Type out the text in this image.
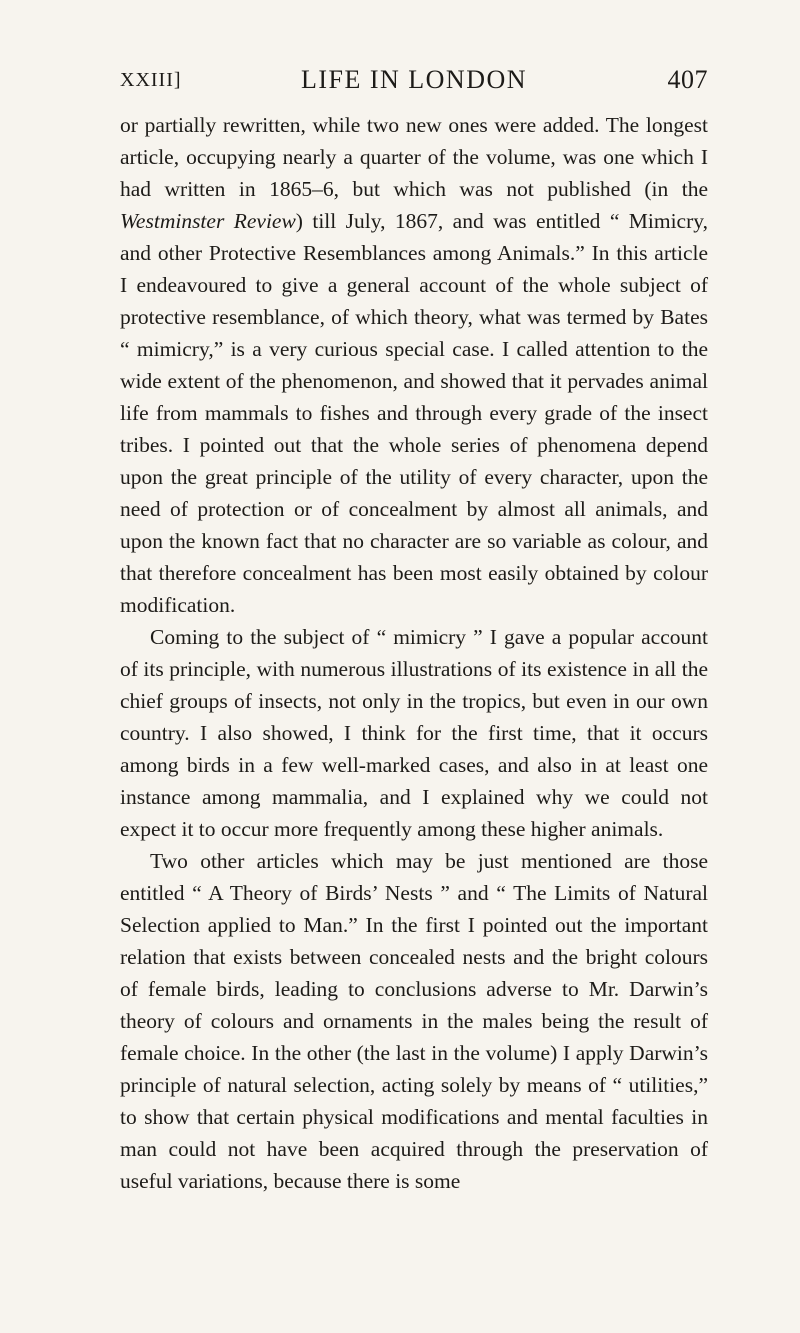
XXIII]	LIFE IN LONDON	407

or partially rewritten, while two new ones were added. The longest article, occupying nearly a quarter of the volume, was one which I had written in 1865–6, but which was not published (in the Westminster Review) till July, 1867, and was entitled “ Mimicry, and other Protective Resemblances among Animals.” In this article I endeavoured to give a general account of the whole subject of protective resemblance, of which theory, what was termed by Bates “ mimicry,” is a very curious special case. I called attention to the wide extent of the phenomenon, and showed that it pervades animal life from mammals to fishes and through every grade of the insect tribes. I pointed out that the whole series of phenomena depend upon the great principle of the utility of every character, upon the need of protection or of concealment by almost all animals, and upon the known fact that no character are so variable as colour, and that therefore concealment has been most easily obtained by colour modification.

Coming to the subject of “ mimicry ” I gave a popular account of its principle, with numerous illustrations of its existence in all the chief groups of insects, not only in the tropics, but even in our own country. I also showed, I think for the first time, that it occurs among birds in a few well-marked cases, and also in at least one instance among mammalia, and I explained why we could not expect it to occur more frequently among these higher animals.

Two other articles which may be just mentioned are those entitled “ A Theory of Birds’ Nests ” and “ The Limits of Natural Selection applied to Man.” In the first I pointed out the important relation that exists between concealed nests and the bright colours of female birds, leading to conclusions adverse to Mr. Darwin’s theory of colours and ornaments in the males being the result of female choice. In the other (the last in the volume) I apply Darwin’s principle of natural selection, acting solely by means of “ utilities,” to show that certain physical modifications and mental faculties in man could not have been acquired through the preservation of useful variations, because there is some
